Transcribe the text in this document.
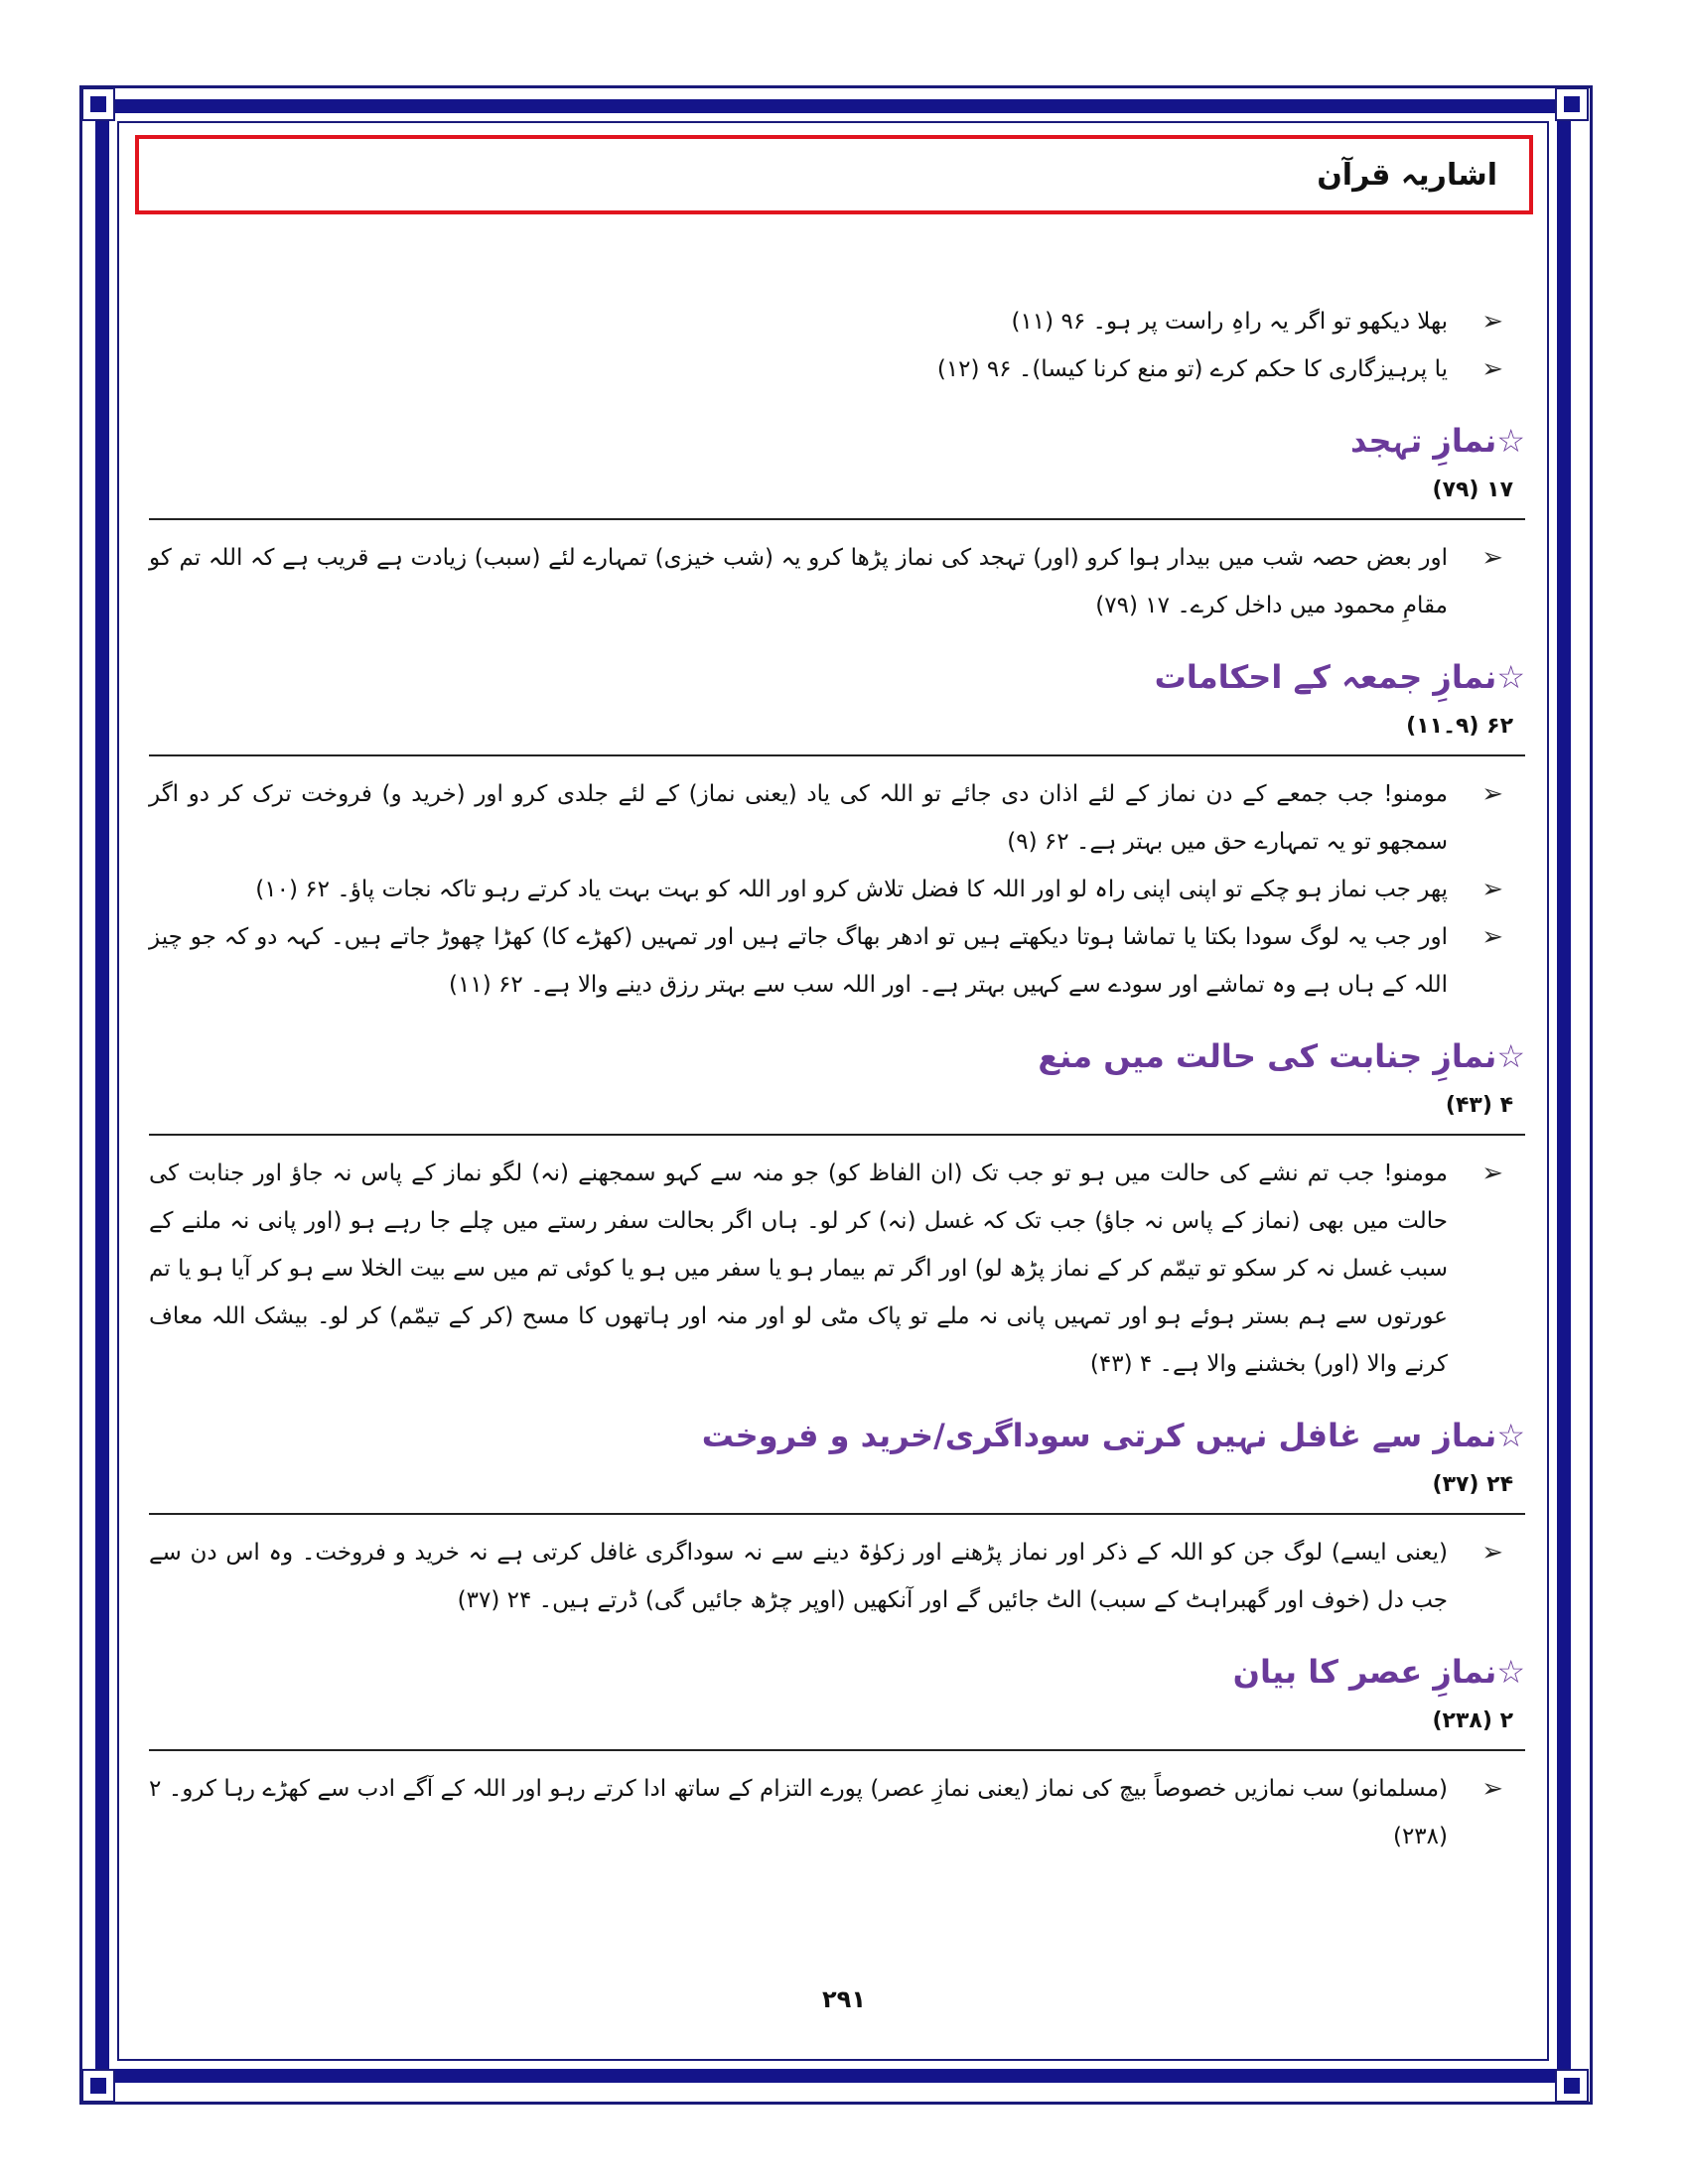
اشاریہ قرآن
➢
بھلا دیکھو تو اگر یہ راہِ راست پر ہو۔ ۹۶ (۱۱)
➢
یا پرہیزگاری کا حکم کرے (تو منع کرنا کیسا)۔ ۹۶ (۱۲)
☆نمازِ تہجد
۱۷ (۷۹)
➢
اور بعض حصہ شب میں بیدار ہوا کرو (اور) تہجد کی نماز پڑھا کرو یہ (شب خیزی) تمہارے لئے (سبب) زیادت ہے قریب ہے کہ اللہ تم کو مقامِ محمود میں داخل کرے۔ ۱۷ (۷۹)
☆نمازِ جمعہ کے احکامات
۶۲ (۹۔۱۱)
➢
مومنو! جب جمعے کے دن نماز کے لئے اذان دی جائے تو اللہ کی یاد (یعنی نماز) کے لئے جلدی کرو اور (خرید و) فروخت ترک کر دو اگر سمجھو تو یہ تمہارے حق میں بہتر ہے۔ ۶۲ (۹)
➢
پھر جب نماز ہو چکے تو اپنی اپنی راہ لو اور اللہ کا فضل تلاش کرو اور اللہ کو بہت بہت یاد کرتے رہو تاکہ نجات پاؤ۔ ۶۲ (۱۰)
➢
اور جب یہ لوگ سودا بکتا یا تماشا ہوتا دیکھتے ہیں تو ادھر بھاگ جاتے ہیں اور تمہیں (کھڑے کا) کھڑا چھوڑ جاتے ہیں۔ کہہ دو کہ جو چیز اللہ کے ہاں ہے وہ تماشے اور سودے سے کہیں بہتر ہے۔ اور اللہ سب سے بہتر رزق دینے والا ہے۔ ۶۲ (۱۱)
☆نمازِ جنابت کی حالت میں منع
۴ (۴۳)
➢
مومنو! جب تم نشے کی حالت میں ہو تو جب تک (ان الفاظ کو) جو منہ سے کہو سمجھنے (نہ) لگو نماز کے پاس نہ جاؤ اور جنابت کی حالت میں بھی (نماز کے پاس نہ جاؤ) جب تک کہ غسل (نہ) کر لو۔ ہاں اگر بحالت سفر رستے میں چلے جا رہے ہو (اور پانی نہ ملنے کے سبب غسل نہ کر سکو تو تیمّم کر کے نماز پڑھ لو) اور اگر تم بیمار ہو یا سفر میں ہو یا کوئی تم میں سے بیت الخلا سے ہو کر آیا ہو یا تم عورتوں سے ہم بستر ہوئے ہو اور تمہیں پانی نہ ملے تو پاک مٹی لو اور منہ اور ہاتھوں کا مسح (کر کے تیمّم) کر لو۔ بیشک اللہ معاف کرنے والا (اور) بخشنے والا ہے۔ ۴ (۴۳)
☆نماز سے غافل نہیں کرتی سوداگری/خرید و فروخت
۲۴ (۳۷)
➢
(یعنی ایسے) لوگ جن کو اللہ کے ذکر اور نماز پڑھنے اور زکوٰۃ دینے سے نہ سوداگری غافل کرتی ہے نہ خرید و فروخت۔ وہ اس دن سے جب دل (خوف اور گھبراہٹ کے سبب) الٹ جائیں گے اور آنکھیں (اوپر چڑھ جائیں گی) ڈرتے ہیں۔ ۲۴ (۳۷)
☆نمازِ عصر کا بیان
۲ (۲۳۸)
➢
(مسلمانو) سب نمازیں خصوصاً بیچ کی نماز (یعنی نمازِ عصر) پورے التزام کے ساتھ ادا کرتے رہو اور اللہ کے آگے ادب سے کھڑے رہا کرو۔ ۲ (۲۳۸)
۲۹۱
